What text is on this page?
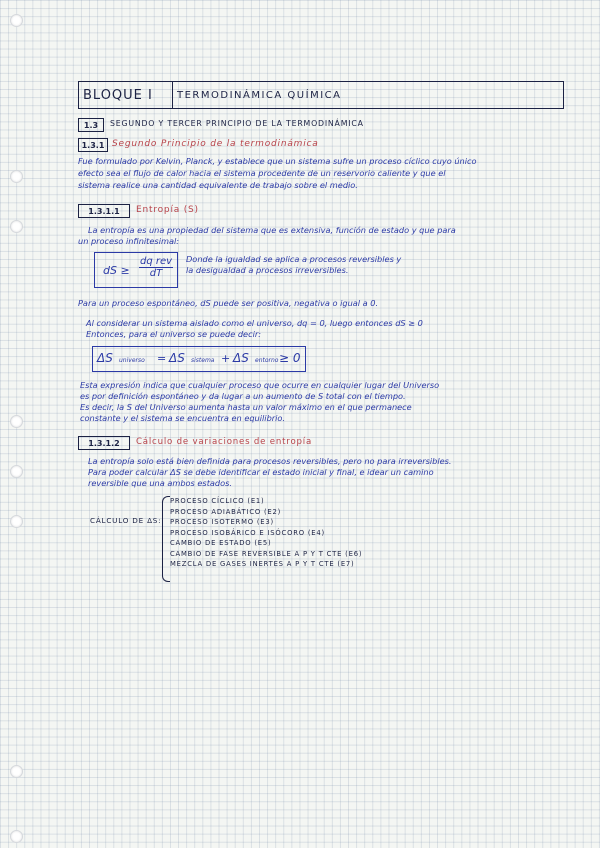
BLOQUE I	TERMODINÁMICA QUÍMICA
1.3	SEGUNDO Y TERCER PRINCIPIO DE LA TERMODINÁMICA
1.3.1 Segundo Principio de la termodinámica
Fue formulado por Kelvin, Planck, y establece que un sistema sufre un proceso cíclico cuyo único
efecto sea el flujo de calor hacia el sistema procedente de un reservorio caliente y que el
sistema realice una cantidad equivalente de trabajo sobre el medio.
1.3.1.1	Entropía (S)
La entropía es una propiedad del sistema que es extensiva, función de estado y que para
un proceso infinitesimal:
dS ≥
dq rev
dT
Donde la igualdad se aplica a procesos reversibles y
la desigualdad a procesos irreversibles.
Para un proceso espontáneo, dS puede ser positiva, negativa o igual a 0.
Al considerar un sistema aislado como el universo, dq = 0, luego entonces dS ≥ 0
Entonces, para el universo se puede decir:
ΔS universo = ΔS sistema + ΔS entorno ≥ 0
Esta expresión indica que cualquier proceso que ocurre en cualquier lugar del Universo
es por definición espontáneo y da lugar a un aumento de S total con el tiempo.
Es decir, la S del Universo aumenta hasta un valor máximo en el que permanece
constante y el sistema se encuentra en equilibrio.
1.3.1.2	Cálculo de variaciones de entropía
La entropía solo está bien definida para procesos reversibles, pero no para irreversibles.
Para poder calcular ΔS se debe identificar el estado inicial y final, e idear un camino
reversible que una ambos estados.
CÁLCULO DE ΔS:
PROCESO CÍCLICO (E1)
PROCESO ADIABÁTICO (E2)
PROCESO ISOTERMO (E3)
PROCESO ISOBÁRICO E ISÓCORO (E4)
CAMBIO DE ESTADO (E5)
CAMBIO DE FASE REVERSIBLE A P Y T CTE (E6)
MEZCLA DE GASES INERTES A P Y T CTE (E7)
